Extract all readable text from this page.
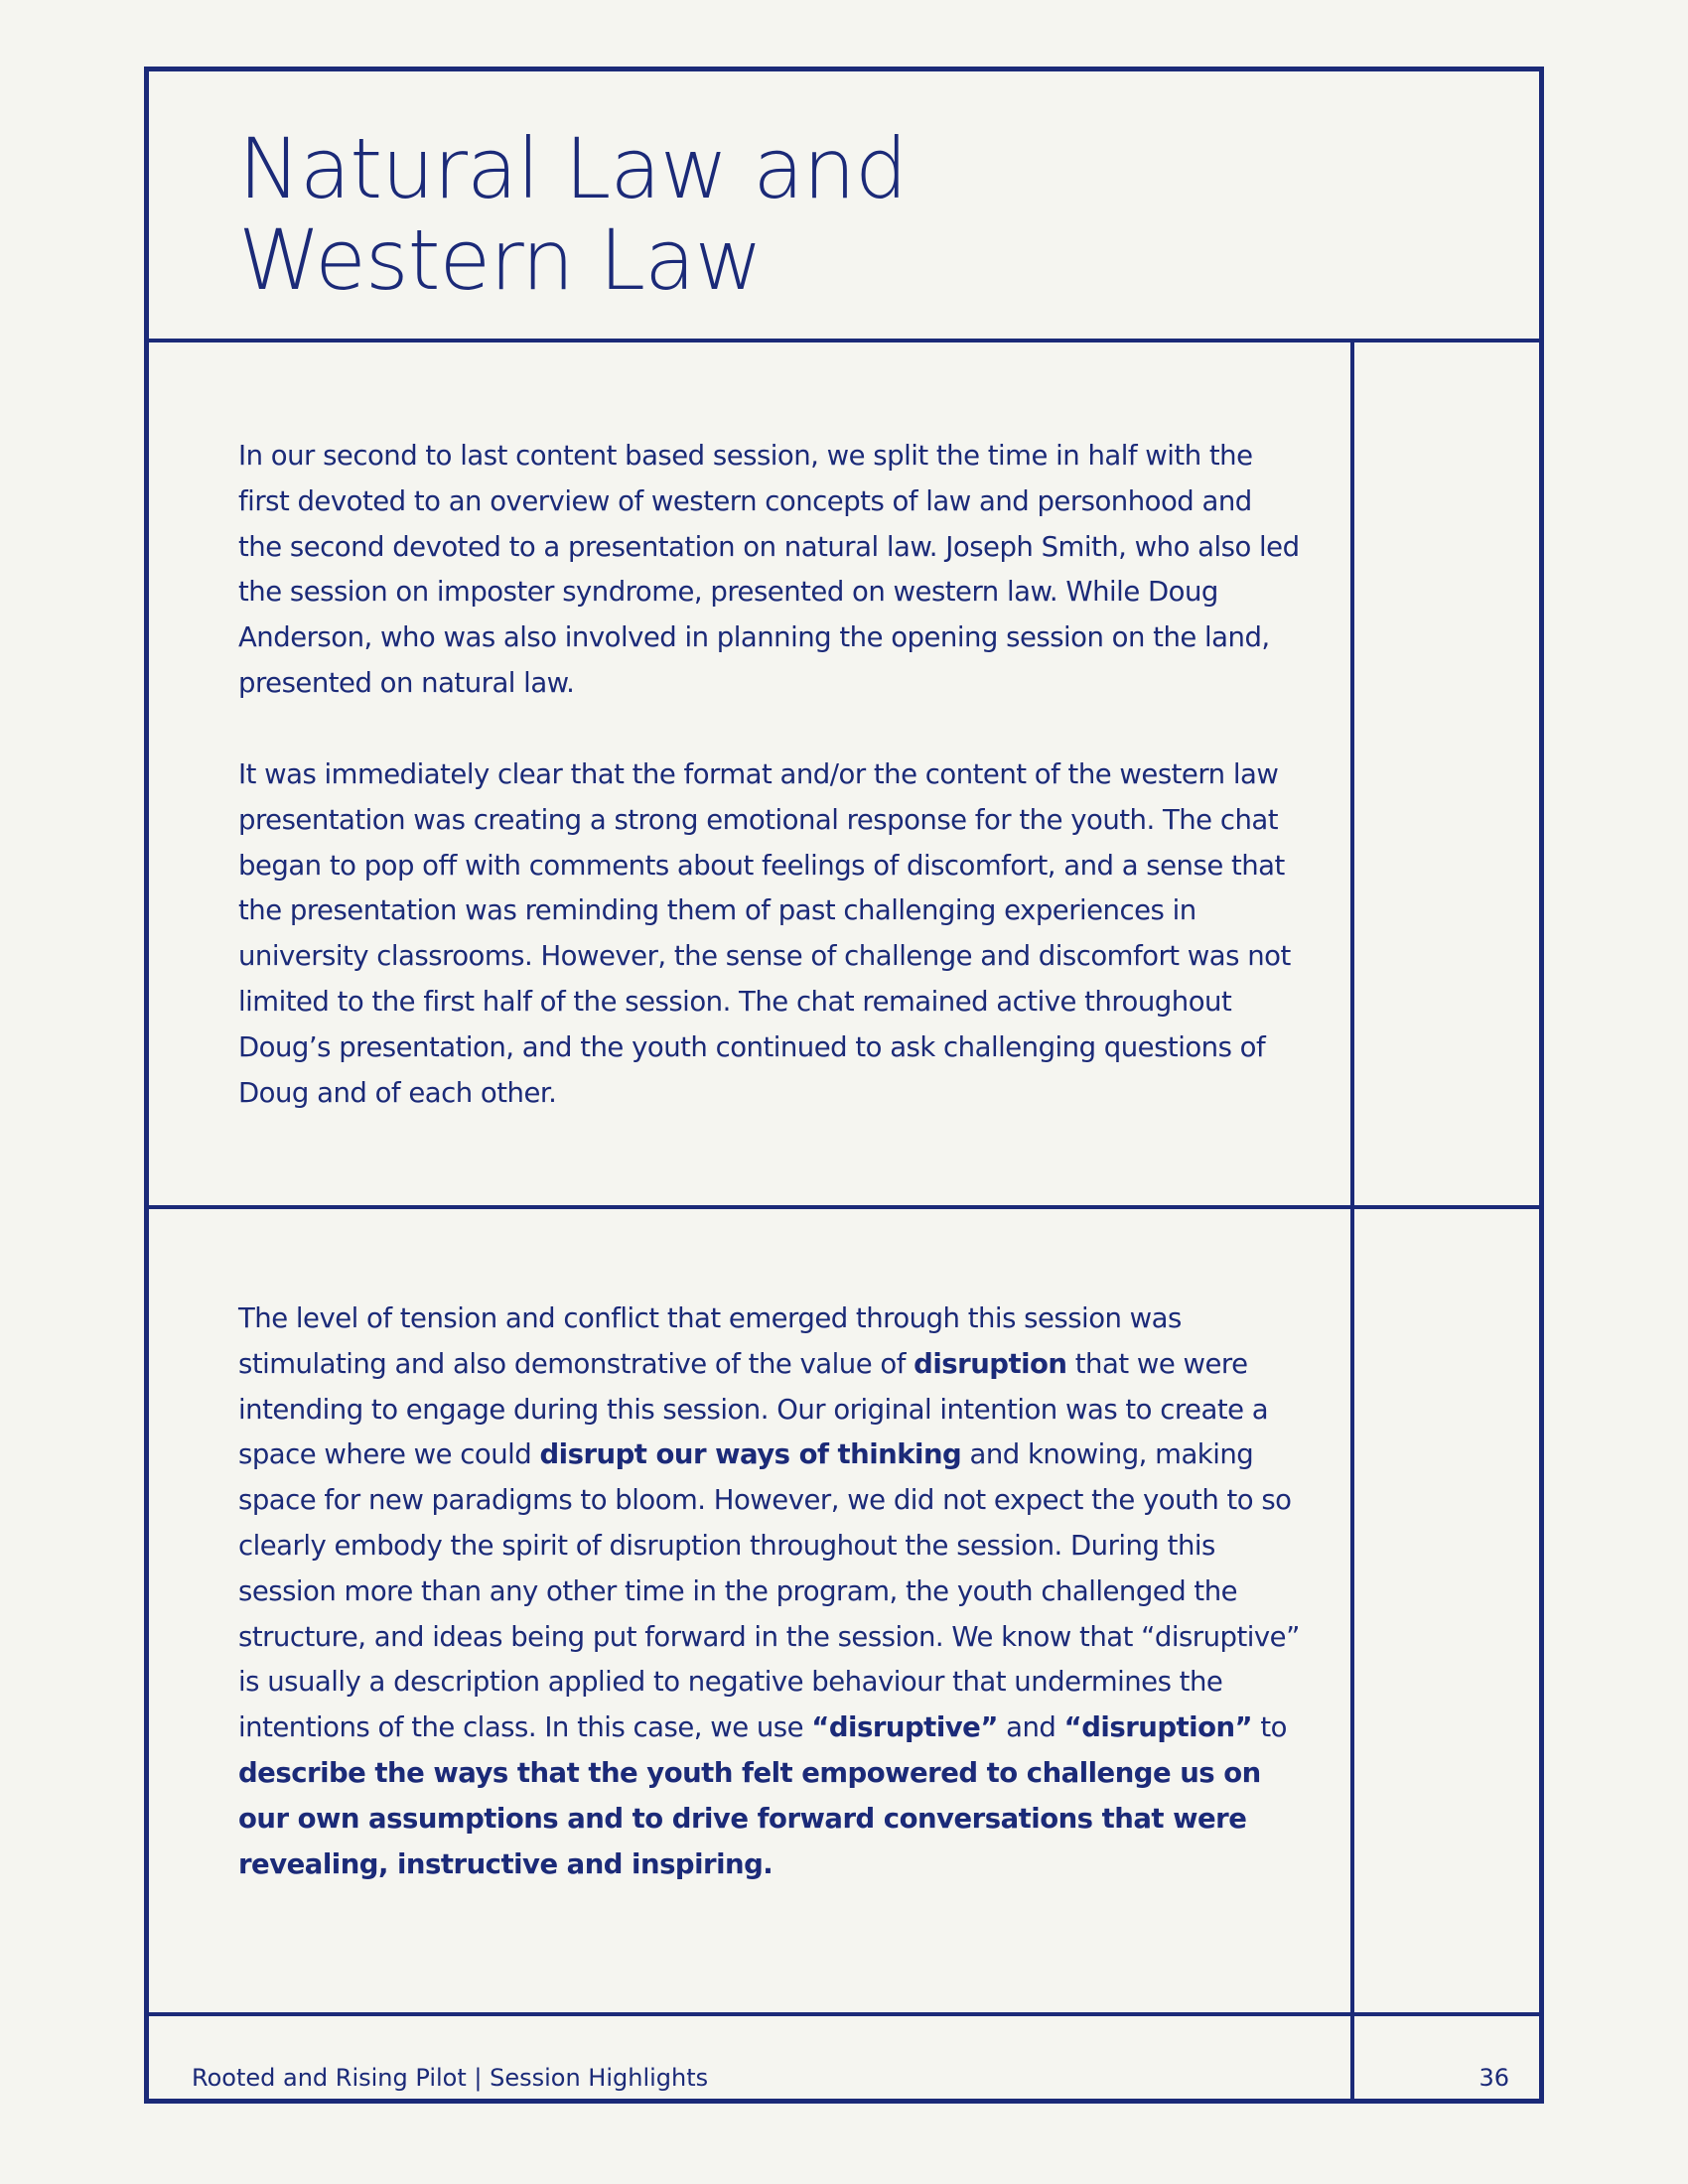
Natural Law and
Western Law

In our second to last content based session, we split the time in half with the first devoted to an overview of western concepts of law and personhood and the second devoted to a presentation on natural law. Joseph Smith, who also led the session on imposter syndrome, presented on western law. While Doug Anderson, who was also involved in planning the opening session on the land, presented on natural law.

It was immediately clear that the format and/or the content of the western law presentation was creating a strong emotional response for the youth. The chat began to pop off with comments about feelings of discomfort, and a sense that the presentation was reminding them of past challenging experiences in university classrooms. However, the sense of challenge and discomfort was not limited to the first half of the session. The chat remained active throughout Doug’s presentation, and the youth continued to ask challenging questions of Doug and of each other.

The level of tension and conflict that emerged through this session was stimulating and also demonstrative of the value of disruption that we were intending to engage during this session. Our original intention was to create a space where we could disrupt our ways of thinking and knowing, making space for new paradigms to bloom. However, we did not expect the youth to so clearly embody the spirit of disruption throughout the session. During this session more than any other time in the program, the youth challenged the structure, and ideas being put forward in the session. We know that “disruptive” is usually a description applied to negative behaviour that undermines the intentions of the class. In this case, we use “disruptive” and “disruption” to describe the ways that the youth felt empowered to challenge us on our own assumptions and to drive forward conversations that were revealing, instructive and inspiring.

Rooted and Rising Pilot | Session Highlights	36
